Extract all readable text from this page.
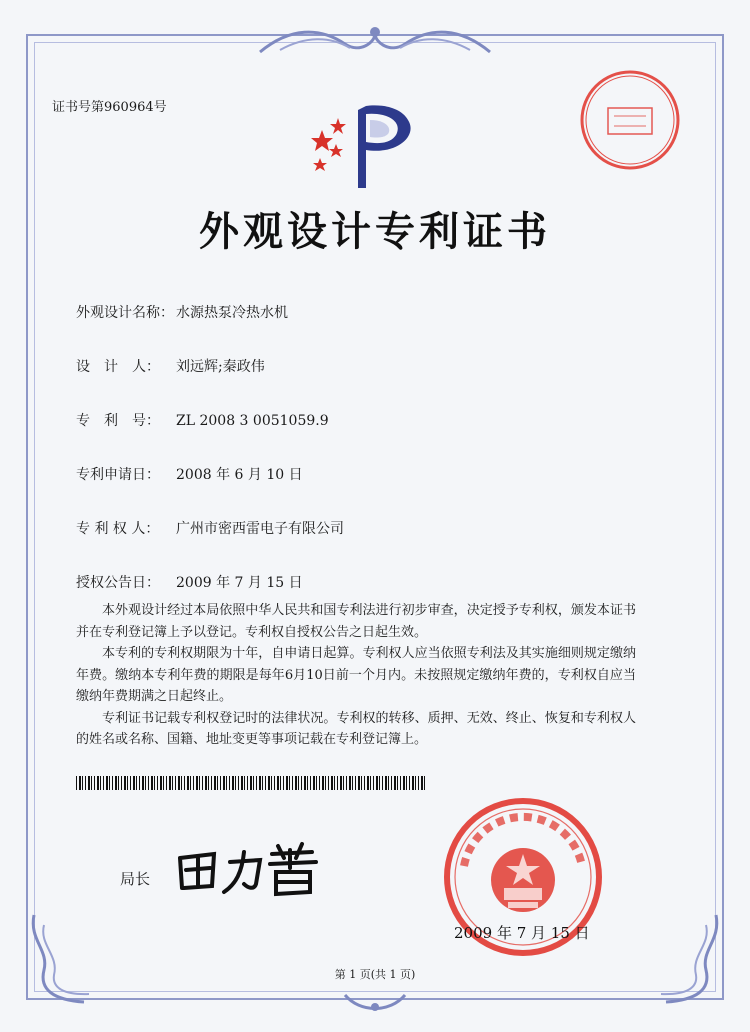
证书号第960964号
外观设计专利证书
外观设计名称： 水源热泵冷热水机
设　计　人： 刘远辉;秦政伟
专　利　号： ZL 2008 3 0051059.9
专利申请日： 2008 年 6 月 10 日
专 利 权 人： 广州市密西雷电子有限公司
授权公告日： 2009 年 7 月 15 日

本外观设计经过本局依照中华人民共和国专利法进行初步审查，决定授予专利权，颁发本证书并在专利登记簿上予以登记。专利权自授权公告之日起生效。

本专利的专利权期限为十年，自申请日起算。专利权人应当依照专利法及其实施细则规定缴纳年费。缴纳本专利年费的期限是每年6月10日前一个月内。未按照规定缴纳年费的，专利权自应当缴纳年费期满之日起终止。

专利证书记载专利权登记时的法律状况。专利权的转移、质押、无效、终止、恢复和专利权人的姓名或名称、国籍、地址变更等事项记载在专利登记簿上。

局长
2009 年 7 月 15 日
第 1 页(共 1 页)
